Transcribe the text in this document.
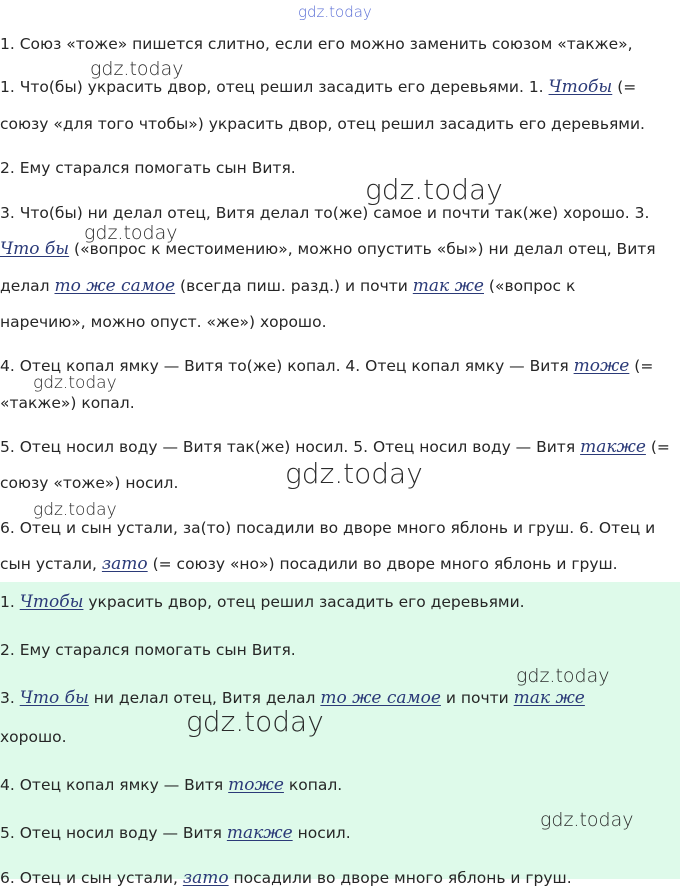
1. Союз «тоже» пишется слитно, если его можно заменить союзом «также»,
1. Что(бы) украсить двор, отец решил засадить его деревьями. 1. Чтобы (=
союзу «для того чтобы») украсить двор, отец решил засадить его деревьями.
2. Ему старался помогать сын Витя.
3. Что(бы) ни делал отец, Витя делал то(же) самое и почти так(же) хорошо. 3.
Что бы («вопрос к местоимению», можно опустить «бы») ни делал отец, Витя
делал то же самое (всегда пиш. разд.) и почти так же («вопрос к
наречию», можно опуст. «же») хорошо.
4. Отец копал ямку — Витя то(же) копал. 4. Отец копал ямку — Витя тоже (=
«также») копал.
5. Отец носил воду — Витя так(же) носил. 5. Отец носил воду — Витя также (=
союзу «тоже») носил.
6. Отец и сын устали, за(то) посадили во дворе много яблонь и груш. 6. Отец и
сын устали, зато (= союзу «но») посадили во дворе много яблонь и груш.
1. Чтобы украсить двор, отец решил засадить его деревьями.
2. Ему старался помогать сын Витя.
3. Что бы ни делал отец, Витя делал то же самое и почти так же
хорошо.
4. Отец копал ямку — Витя тоже копал.
5. Отец носил воду — Витя также носил.
6. Отец и сын устали, зато посадили во дворе много яблонь и груш.
gdz.today
gdz.today
gdz.today
gdz.today
gdz.today
gdz.today
gdz.today
gdz.today
gdz.today
gdz.today
